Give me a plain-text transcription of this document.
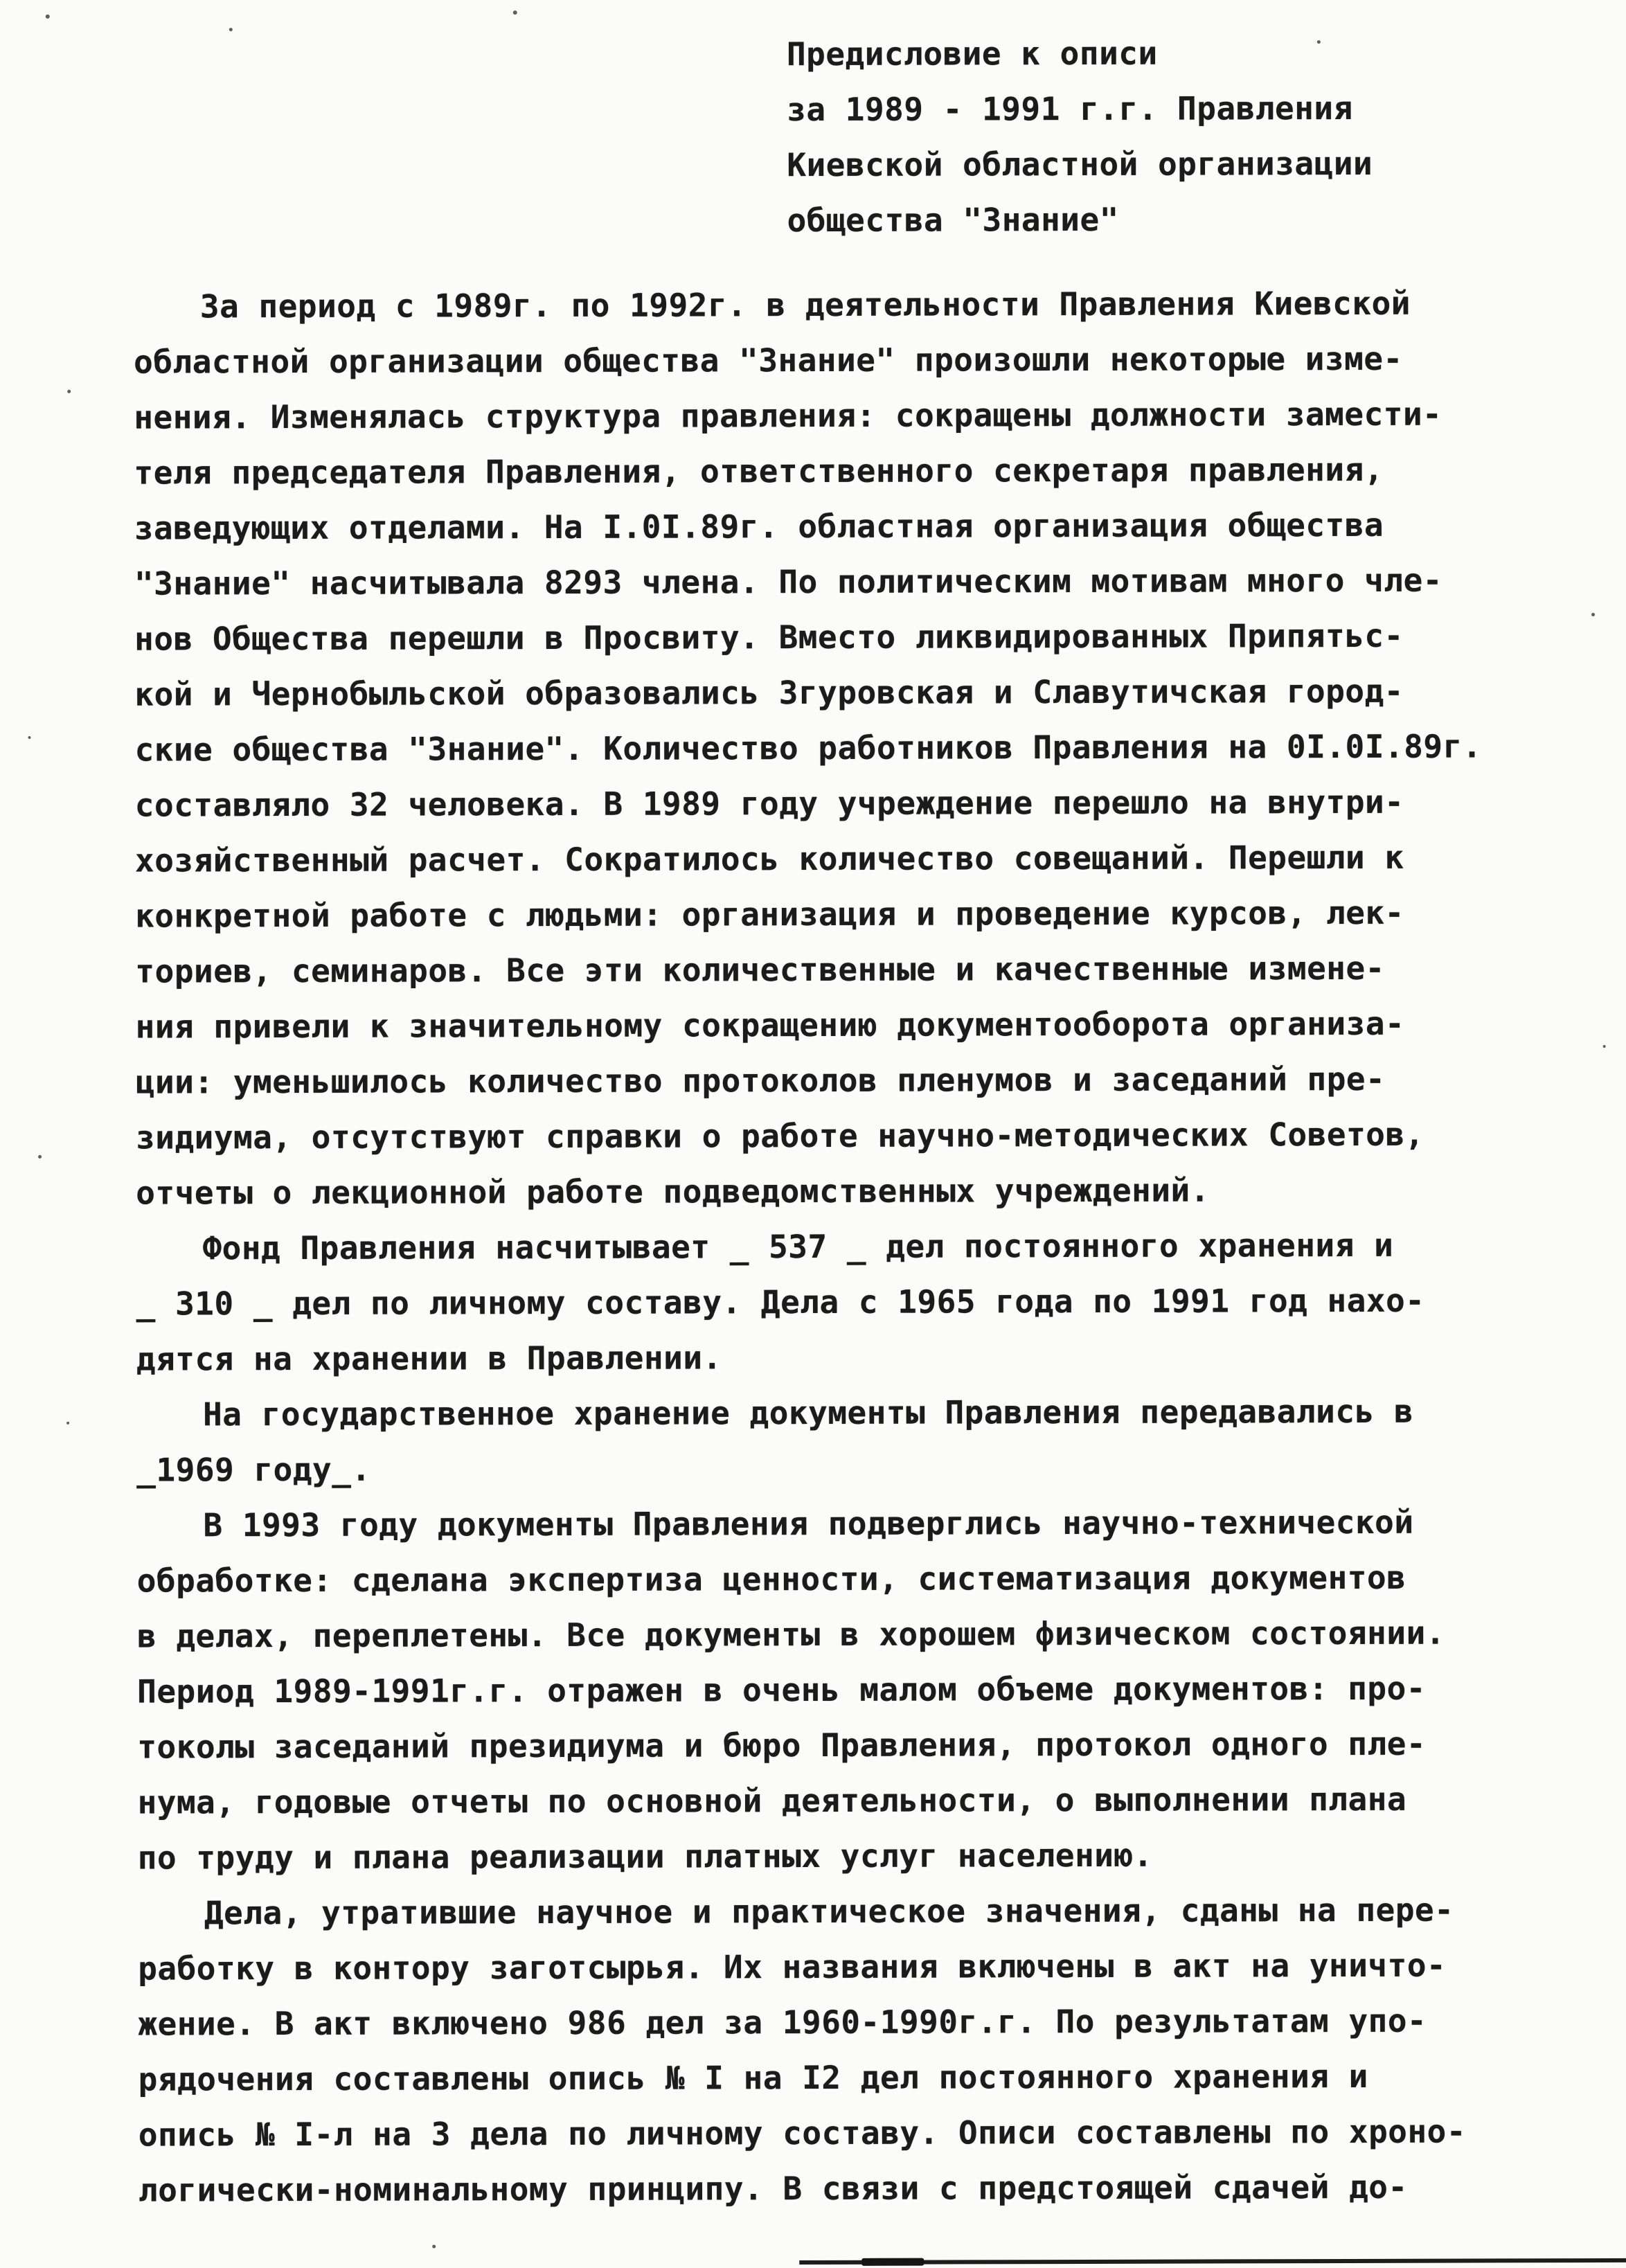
Предисловие к описи
за 1989 - 1991 г.г. Правления
Киевской областной организации
общества "Знание"
За период с 1989г. по 1992г. в деятельности Правления Киевской
областной организации общества "Знание" произошли некоторые изме-
нения. Изменялась структура правления: сокращены должности замести-
теля председателя Правления, ответственного секретаря правления,
заведующих отделами. На I.0I.89г. областная организация общества
"Знание" насчитывала 8293 члена. По политическим мотивам много чле-
нов Общества перешли в Просвиту. Вместо ликвидированных Припятьс-
кой и Чернобыльской образовались Згуровская и Славутичская город-
ские общества "Знание". Количество работников Правления на 0I.0I.89г.
составляло 32 человека. В 1989 году учреждение перешло на внутри-
хозяйственный расчет. Сократилось количество совещаний. Перешли к
конкретной работе с людьми: организация и проведение курсов, лек-
ториев, семинаров. Все эти количественные и качественные измене-
ния привели к значительному сокращению документооборота организа-
ции: уменьшилось количество протоколов пленумов и заседаний пре-
зидиума, отсутствуют справки о работе научно-методических Советов,
отчеты о лекционной работе подведомственных учреждений.
Фонд Правления насчитывает _ 537 _ дел постоянного хранения и
_ 310 _ дел по личному составу. Дела с 1965 года по 1991 год нахо-
дятся на хранении в Правлении.
На государственное хранение документы Правления передавались в
_1969 году_.
В 1993 году документы Правления подверглись научно-технической
обработке: сделана экспертиза ценности, систематизация документов
в делах, переплетены. Все документы в хорошем физическом состоянии.
Период 1989-1991г.г. отражен в очень малом объеме документов: про-
токолы заседаний президиума и бюро Правления, протокол одного пле-
нума, годовые отчеты по основной деятельности, о выполнении плана
по труду и плана реализации платных услуг населению.
Дела, утратившие научное и практическое значения, сданы на пере-
работку в контору заготсырья. Их названия включены в акт на уничто-
жение. В акт включено 986 дел за 1960-1990г.г. По результатам упо-
рядочения составлены опись № I на I2 дел постоянного хранения и
опись № I-л на 3 дела по личному составу. Описи составлены по хроно-
логически-номинальному принципу. В связи с предстоящей сдачей до-
